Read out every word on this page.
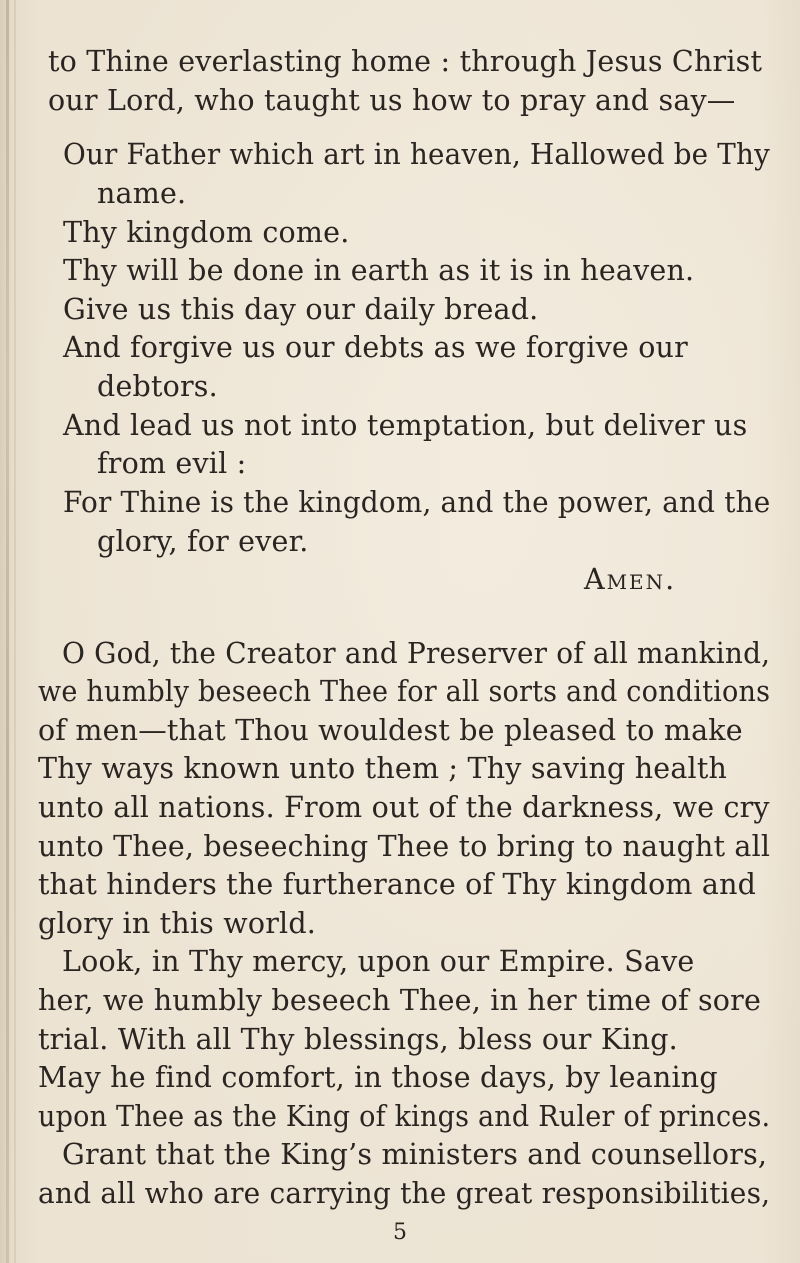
to Thine everlasting home : through Jesus Christ
our Lord, who taught us how to pray and say—
Our Father which art in heaven, Hallowed be Thy
name.
Thy kingdom come.
Thy will be done in earth as it is in heaven.
Give us this day our daily bread.
And forgive us our debts as we forgive our
debtors.
And lead us not into temptation, but deliver us
from evil :
For Thine is the kingdom, and the power, and the
glory, for ever.
Amen.
O God, the Creator and Preserver of all mankind,
we humbly beseech Thee for all sorts and conditions
of men—that Thou wouldest be pleased to make
Thy ways known unto them ; Thy saving health
unto all nations. From out of the darkness, we cry
unto Thee, beseeching Thee to bring to naught all
that hinders the furtherance of Thy kingdom and
glory in this world.
Look, in Thy mercy, upon our Empire. Save
her, we humbly beseech Thee, in her time of sore
trial. With all Thy blessings, bless our King.
May he find comfort, in those days, by leaning
upon Thee as the King of kings and Ruler of princes.
Grant that the King’s ministers and counsellors,
and all who are carrying the great responsibilities,
5
